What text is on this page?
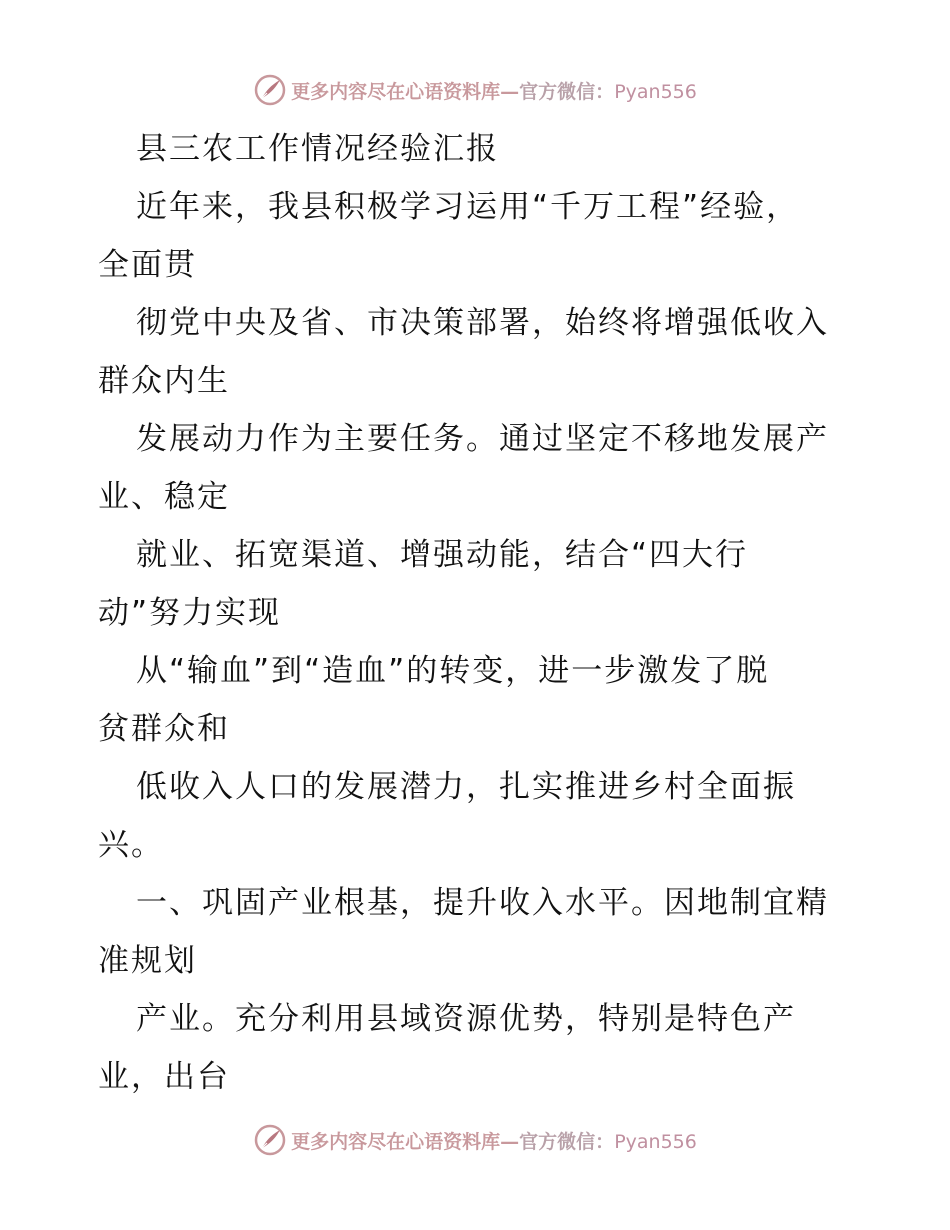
更多内容尽在心语资料库—官方微信：Pyan556
县三农工作情况经验汇报
近年来，我县积极学习运用“千万工程”经验，
全面贯
彻党中央及省、市决策部署，始终将增强低收入
群众内生
发展动力作为主要任务。通过坚定不移地发展产
业、稳定
就业、拓宽渠道、增强动能，结合“四大行
动”努力实现
从“输血”到“造血”的转变，进一步激发了脱
贫群众和
低收入人口的发展潜力，扎实推进乡村全面振
兴。
一、巩固产业根基，提升收入水平。因地制宜精
准规划
产业。充分利用县域资源优势，特别是特色产
业，出台
更多内容尽在心语资料库—官方微信：Pyan556
